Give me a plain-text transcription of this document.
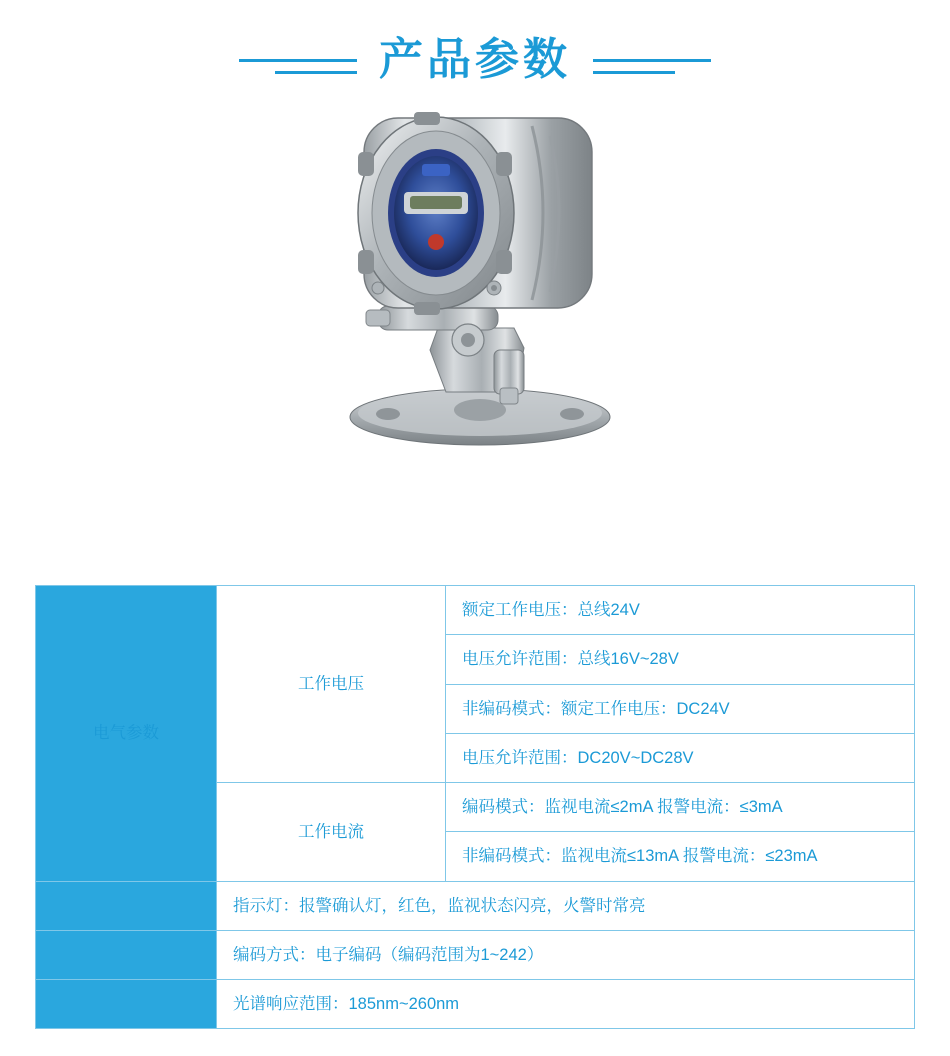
产品参数
电气参数	工作电压	额定工作电压：总线24V
		电压允许范围：总线16V~28V
		非编码模式：额定工作电压：DC24V
		电压允许范围：DC20V~DC28V
	工作电流	编码模式：监视电流≤2mA 报警电流：≤3mA
		非编码模式：监视电流≤13mA 报警电流：≤23mA
	指示灯：报警确认灯，红色，监视状态闪亮，火警时常亮	
	编码方式：电子编码（编码范围为1~242）	
	光谱响应范围：185nm~260nm	
